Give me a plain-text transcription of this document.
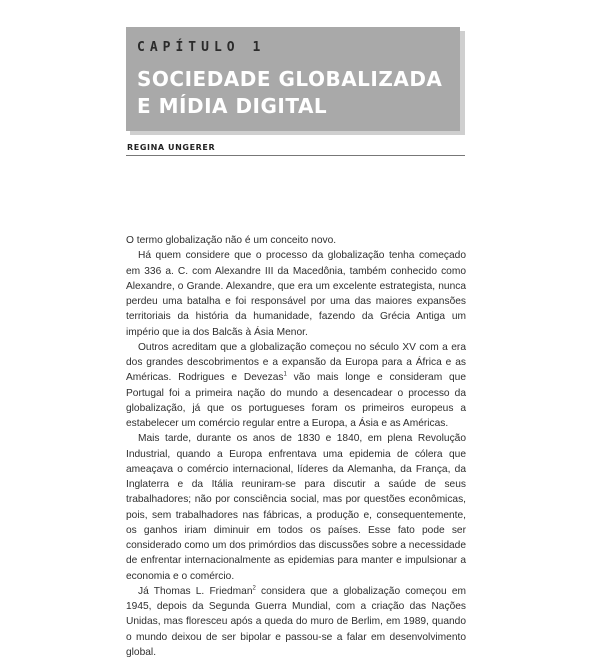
CAPÍTULO 1
SOCIEDADE GLOBALIZADA
E MÍDIA DIGITAL
REGINA UNGERER

O termo globalização não é um conceito novo.

Há quem considere que o processo da globalização tenha começado em 336 a. C. com Alexandre III da Macedônia, também conhecido como Alexandre, o Grande. Alexandre, que era um excelente estrategista, nunca perdeu uma batalha e foi responsável por uma das maiores expansões territoriais da história da humanidade, fazendo da Grécia Antiga um império que ia dos Balcãs à Ásia Menor.

Outros acreditam que a globalização começou no século XV com a era dos grandes descobrimentos e a expansão da Europa para a África e as Américas. Rodrigues e Devezas$^1$ vão mais longe e consideram que Portugal foi a primeira nação do mundo a desencadear o processo da globalização, já que os portugueses foram os primeiros europeus a estabelecer um comércio regular entre a Europa, a Ásia e as Américas.

Mais tarde, durante os anos de 1830 e 1840, em plena Revolução Industrial, quando a Europa enfrentava uma epidemia de cólera que ameaçava o comércio internacional, líderes da Alemanha, da França, da Inglaterra e da Itália reuniram-se para discutir a saúde de seus trabalhadores; não por consciência social, mas por questões econômicas, pois, sem trabalhadores nas fábricas, a produção e, consequentemente, os ganhos iriam diminuir em todos os países. Esse fato pode ser considerado como um dos primórdios das discussões sobre a necessidade de enfrentar internacionalmente as epidemias para manter e impulsionar a economia e o comércio.

Já Thomas L. Friedman$^2$ considera que a globalização começou em 1945, depois da Segunda Guerra Mundial, com a criação das Nações Unidas, mas floresceu após a queda do muro de Berlim, em 1989, quando o mundo deixou de ser bipolar e passou-se a falar em desenvolvimento global.
